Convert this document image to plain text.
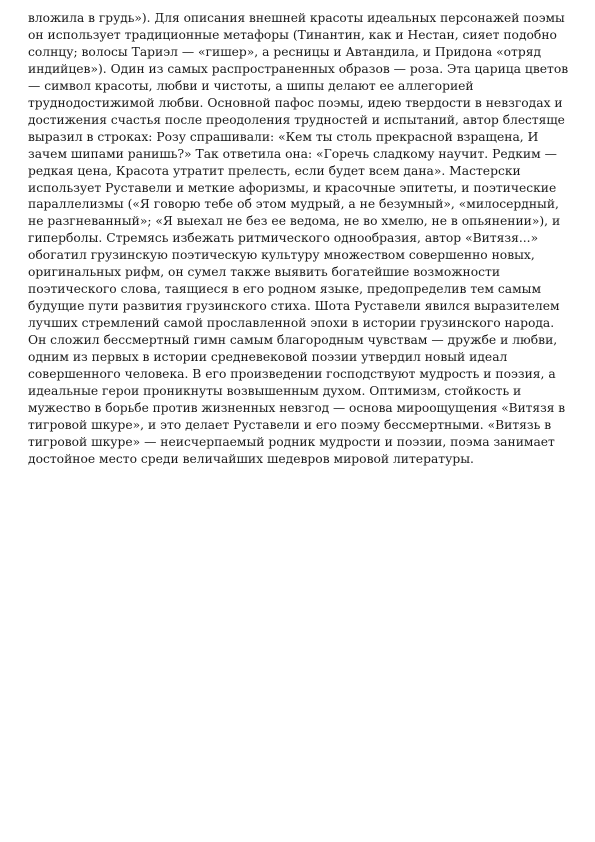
вложила в грудь»). Для описания внешней красоты идеальных персонажей поэмы
он использует традиционные метафоры (Тинантин, как и Нестан, сияет подобно
солнцу; волосы Тариэл — «гишер», а ресницы и Автандила, и Придона «отряд
индийцев»). Один из самых распространенных образов — роза. Эта царица цветов
— символ красоты, любви и чистоты, а шипы делают ее аллегорией
труднодостижимой любви. Основной пафос поэмы, идею твердости в невзгодах и
достижения счастья после преодоления трудностей и испытаний, автор блестяще
выразил в строках: Розу спрашивали: «Кем ты столь прекрасной взращена, И
зачем шипами ранишь?» Так ответила она: «Горечь сладкому научит. Редким —
редкая цена, Красота утратит прелесть, если будет всем дана». Мастерски
использует Руставели и меткие афоризмы, и красочные эпитеты, и поэтические
параллелизмы («Я говорю тебе об этом мудрый, а не безумный», «милосердный,
не разгневанный»; «Я выехал не без ее ведома, не во хмелю, не в опьянении»), и
гиперболы. Стремясь избежать ритмического однообразия, автор «Витязя...»
обогатил грузинскую поэтическую культуру множеством совершенно новых,
оригинальных рифм, он сумел также выявить богатейшие возможности
поэтического слова, таящиеся в его родном языке, предопределив тем самым
будущие пути развития грузинского стиха. Шота Руставели явился выразителем
лучших стремлений самой прославленной эпохи в истории грузинского народа.
Он сложил бессмертный гимн самым благородным чувствам — дружбе и любви,
одним из первых в истории средневековой поэзии утвердил новый идеал
совершенного человека. В его произведении господствуют мудрость и поэзия, а
идеальные герои проникнуты возвышенным духом. Оптимизм, стойкость и
мужество в борьбе против жизненных невзгод — основа мироощущения «Витязя в
тигровой шкуре», и это делает Руставели и его поэму бессмертными. «Витязь в
тигровой шкуре» — неисчерпаемый родник мудрости и поэзии, поэма занимает
достойное место среди величайших шедевров мировой литературы.
